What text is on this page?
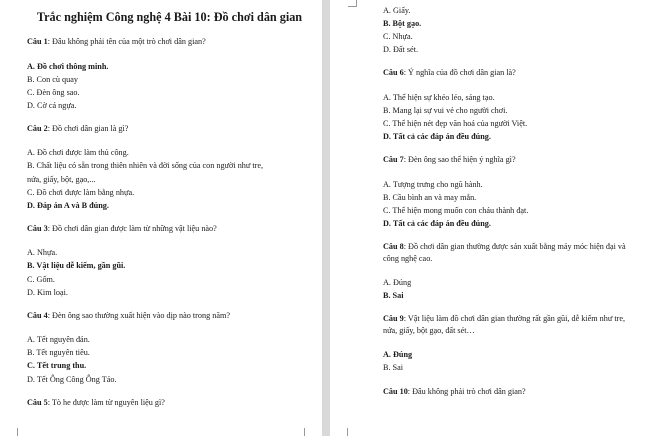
Trắc nghiệm Công nghệ 4 Bài 10: Đồ chơi dân gian
Câu 1: Đâu không phải tên của một trò chơi dân gian?
A. Đồ chơi thông minh.
B. Con cù quay
C. Đèn ông sao.
D. Cờ cá ngựa.
Câu 2: Đồ chơi dân gian là gì?
A. Đồ chơi được làm thủ công.
B. Chất liệu có sẵn trong thiên nhiên và đời sống của con người như tre,
nứa, giấy, bột, gạo,...
C. Đồ chơi được làm bằng nhựa.
D. Đáp án A và B đúng.
Câu 3: Đồ chơi dân gian được làm từ những vật liệu nào?
A. Nhựa.
B. Vật liệu dễ kiếm, gần gũi.
C. Gốm.
D. Kim loại.
Câu 4: Đèn ông sao thường xuất hiện vào dịp nào trong năm?
A. Tết nguyên đán.
B. Tết nguyên tiêu.
C. Tết trung thu.
D. Tết Ông Công Ông Táo.
Câu 5: Tò he được làm từ nguyên liệu gì?
A. Giấy.
B. Bột gạo.
C. Nhựa.
D. Đất sét.
Câu 6: Ý nghĩa của đồ chơi dân gian là?
A. Thể hiện sự khéo léo, sáng tạo.
B. Mang lại sự vui vẻ cho người chơi.
C. Thể hiện nét đẹp văn hoá của người Việt.
D. Tất cả các đáp án đều đúng.
Câu 7: Đèn ông sao thể hiện ý nghĩa gì?
A. Tượng trưng cho ngũ hành.
B. Cầu bình an và may mắn.
C. Thể hiện mong muốn con cháu thành đạt.
D. Tất cả các đáp án đều đúng.
Câu 8: Đồ chơi dân gian thường được sản xuất bằng máy móc hiện đại và công nghệ cao.
A. Đúng
B. Sai
Câu 9: Vật liệu làm đồ chơi dân gian thường rất gần gũi, dễ kiếm như tre, nứa, giấy, bột gạo, đất sét…
A. Đúng
B. Sai
Câu 10: Đâu không phải trò chơi dân gian?
